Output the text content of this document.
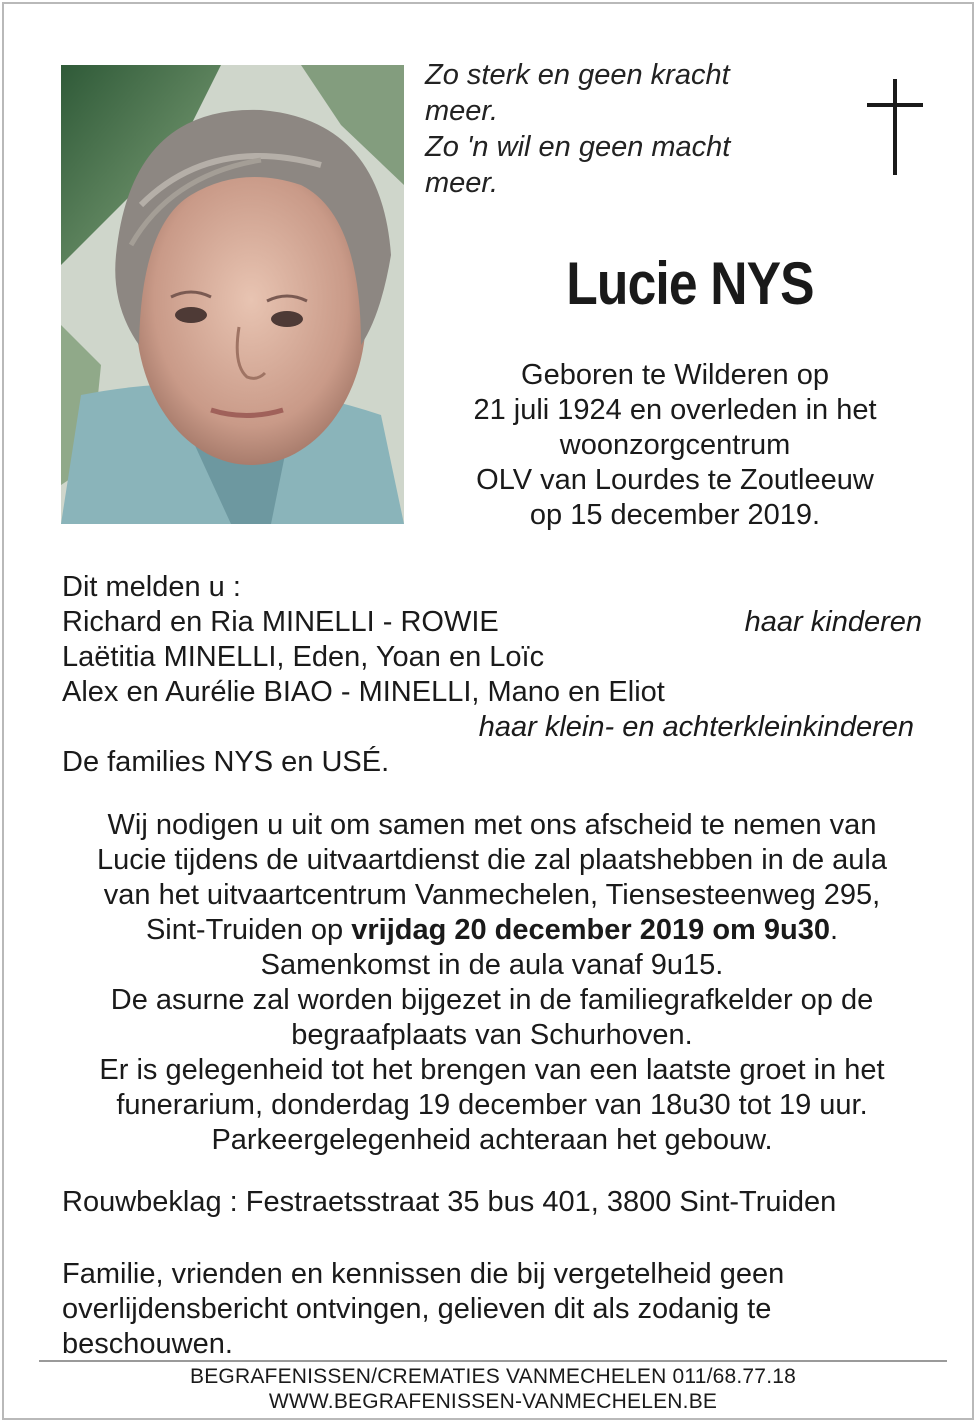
Zo sterk en geen kracht
meer.
Zo 'n wil en geen macht
meer.
Lucie NYS
Geboren te Wilderen op
21 juli 1924 en overleden in het
woonzorgcentrum
OLV van Lourdes te Zoutleeuw
op 15 december 2019.
Dit melden u :
Richard en Ria MINELLI - ROWIE	haar kinderen
Laëtitia MINELLI, Eden, Yoan en Loïc
Alex en Aurélie BIAO - MINELLI, Mano en Eliot
haar klein- en achterkleinkinderen
De families NYS en USÉ.
Wij nodigen u uit om samen met ons afscheid te nemen van
Lucie tijdens de uitvaartdienst die zal plaatshebben in de aula
van het uitvaartcentrum Vanmechelen, Tiensesteenweg 295,
Sint-Truiden op vrijdag 20 december 2019 om 9u30.
Samenkomst in de aula vanaf 9u15.
De asurne zal worden bijgezet in de familiegrafkelder op de
begraafplaats van Schurhoven.
Er is gelegenheid tot het brengen van een laatste groet in het
funerarium, donderdag 19 december van 18u30 tot 19 uur.
Parkeergelegenheid achteraan het gebouw.
Rouwbeklag : Festraetsstraat 35 bus 401, 3800 Sint-Truiden
Familie, vrienden en kennissen die bij vergetelheid geen
overlijdensbericht ontvingen, gelieven dit als zodanig te
beschouwen.
BEGRAFENISSEN/CREMATIES VANMECHELEN 011/68.77.18
WWW.BEGRAFENISSEN-VANMECHELEN.BE
